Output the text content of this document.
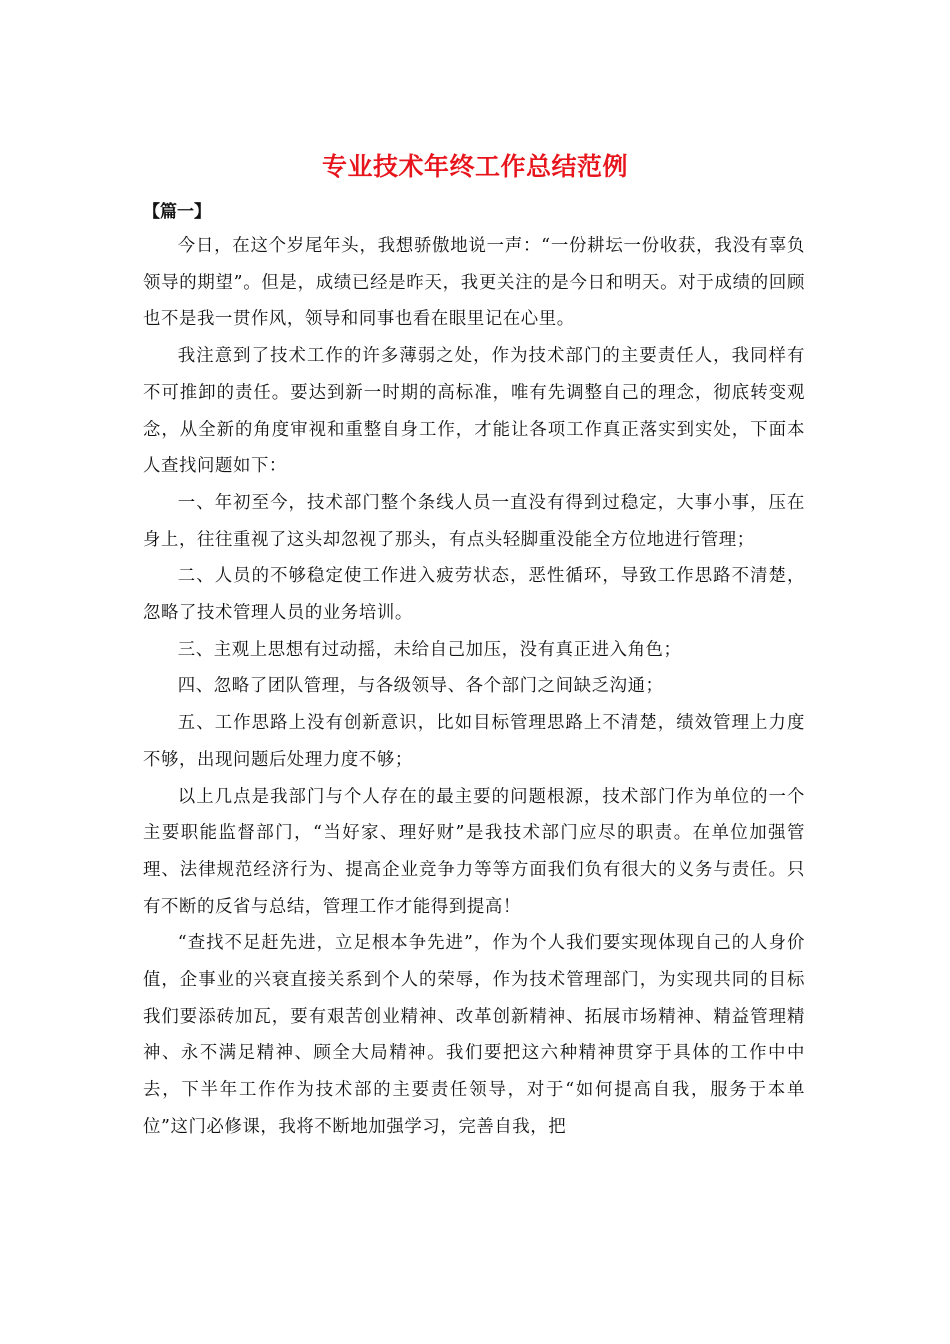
专业技术年终工作总结范例
【篇一】

今日，在这个岁尾年头，我想骄傲地说一声：“一份耕坛一份收获，我没有辜负领导的期望”。但是，成绩已经是昨天，我更关注的是今日和明天。对于成绩的回顾也不是我一贯作风，领导和同事也看在眼里记在心里。

我注意到了技术工作的许多薄弱之处，作为技术部门的主要责任人，我同样有不可推卸的责任。要达到新一时期的高标准，唯有先调整自己的理念，彻底转变观念，从全新的角度审视和重整自身工作，才能让各项工作真正落实到实处，下面本人查找问题如下：

一、年初至今，技术部门整个条线人员一直没有得到过稳定，大事小事，压在身上，往往重视了这头却忽视了那头，有点头轻脚重没能全方位地进行管理；

二、人员的不够稳定使工作进入疲劳状态，恶性循环，导致工作思路不清楚，忽略了技术管理人员的业务培训。

三、主观上思想有过动摇，未给自己加压，没有真正进入角色；

四、忽略了团队管理，与各级领导、各个部门之间缺乏沟通；

五、工作思路上没有创新意识，比如目标管理思路上不清楚，绩效管理上力度不够，出现问题后处理力度不够；

以上几点是我部门与个人存在的最主要的问题根源，技术部门作为单位的一个主要职能监督部门，“当好家、理好财”是我技术部门应尽的职责。在单位加强管理、法律规范经济行为、提高企业竞争力等等方面我们负有很大的义务与责任。只有不断的反省与总结，管理工作才能得到提高！

“查找不足赶先进，立足根本争先进”，作为个人我们要实现体现自己的人身价值，企事业的兴衰直接关系到个人的荣辱，作为技术管理部门，为实现共同的目标我们要添砖加瓦，要有艰苦创业精神、改革创新精神、拓展市场精神、精益管理精神、永不满足精神、顾全大局精神。我们要把这六种精神贯穿于具体的工作中中去，下半年工作作为技术部的主要责任领导，对于“如何提高自我，服务于本单位”这门必修课，我将不断地加强学习，完善自我，把
